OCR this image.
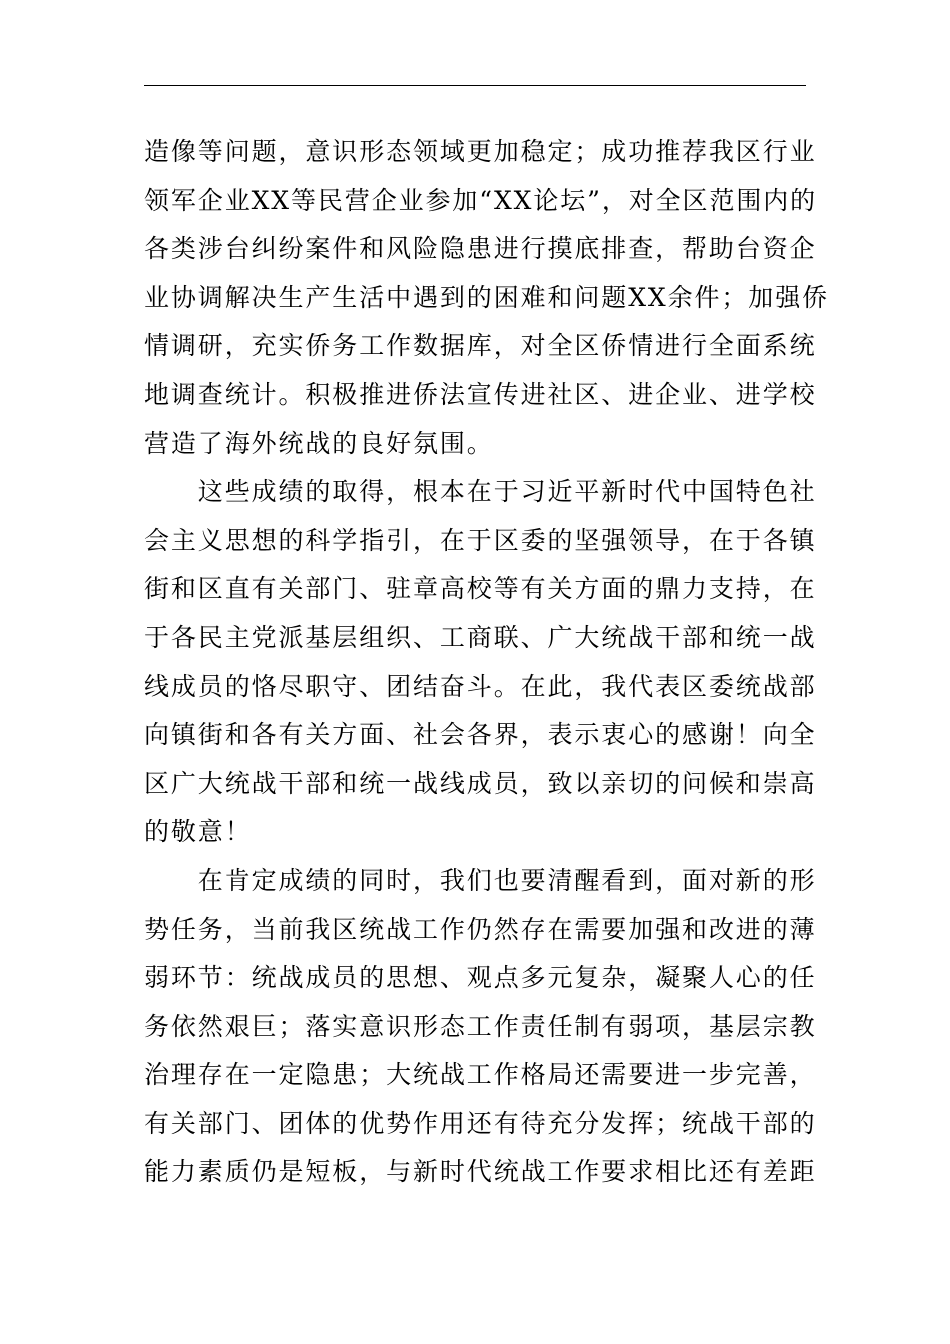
造像等问题，意识形态领域更加稳定；成功推荐我区行业
领军企业XX等民营企业参加“XX论坛”，对全区范围内的
各类涉台纠纷案件和风险隐患进行摸底排查，帮助台资企
业协调解决生产生活中遇到的困难和问题XX余件；加强侨
情调研，充实侨务工作数据库，对全区侨情进行全面系统
地调查统计。积极推进侨法宣传进社区、进企业、进学校
营造了海外统战的良好氛围。
　　这些成绩的取得，根本在于习近平新时代中国特色社
会主义思想的科学指引，在于区委的坚强领导，在于各镇
街和区直有关部门、驻章高校等有关方面的鼎力支持，在
于各民主党派基层组织、工商联、广大统战干部和统一战
线成员的恪尽职守、团结奋斗。在此，我代表区委统战部
向镇街和各有关方面、社会各界，表示衷心的感谢！向全
区广大统战干部和统一战线成员，致以亲切的问候和崇高
的敬意！
　　在肯定成绩的同时，我们也要清醒看到，面对新的形
势任务，当前我区统战工作仍然存在需要加强和改进的薄
弱环节：统战成员的思想、观点多元复杂，凝聚人心的任
务依然艰巨；落实意识形态工作责任制有弱项，基层宗教
治理存在一定隐患；大统战工作格局还需要进一步完善，
有关部门、团体的优势作用还有待充分发挥；统战干部的
能力素质仍是短板，与新时代统战工作要求相比还有差距
